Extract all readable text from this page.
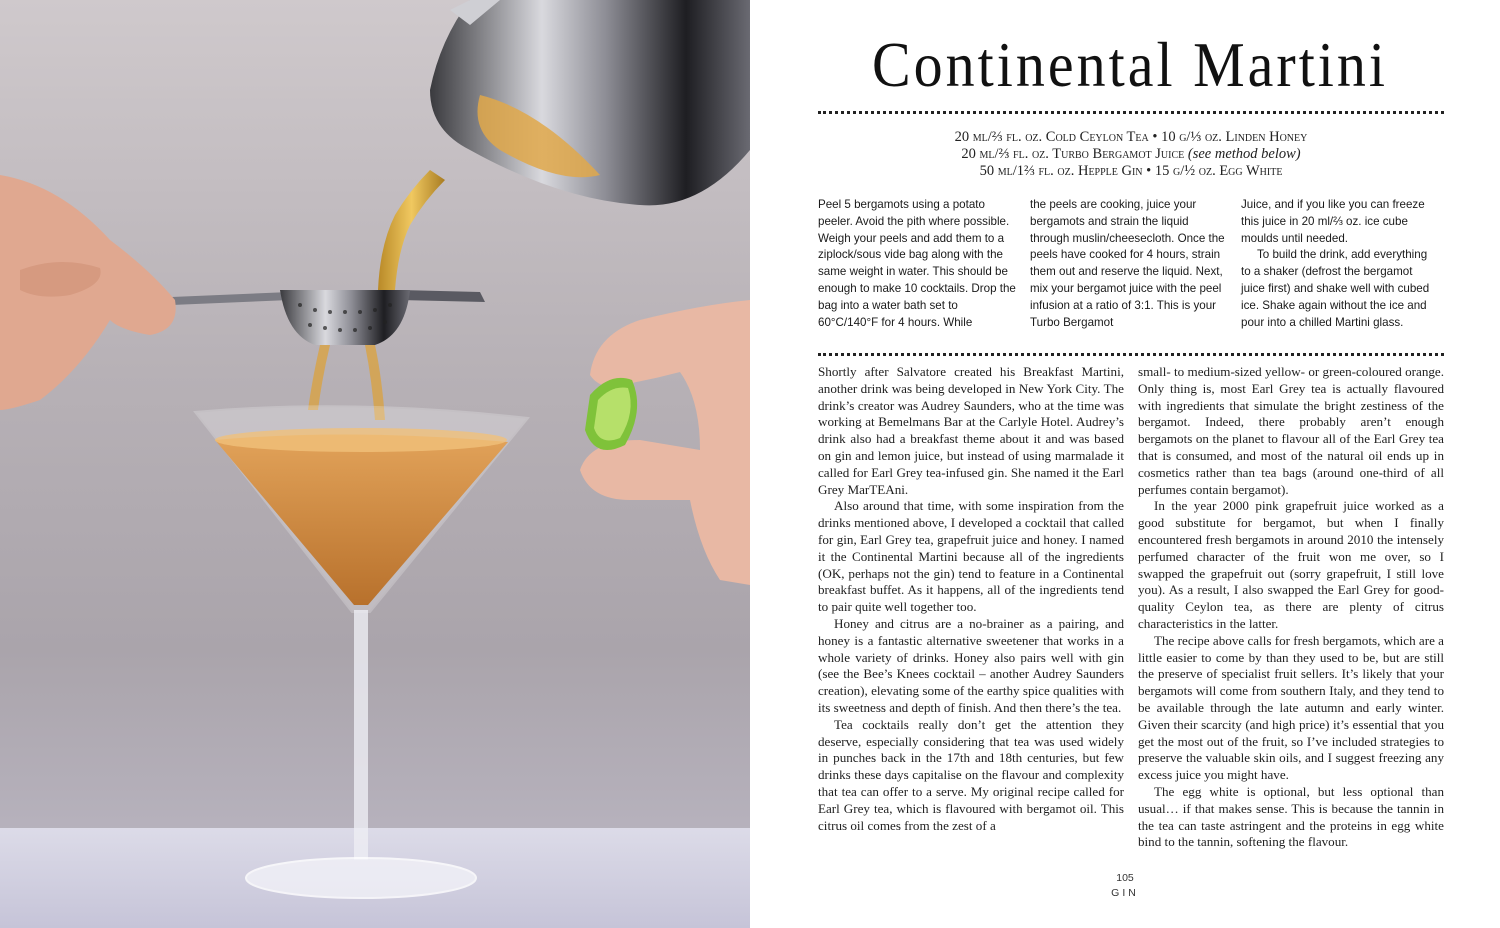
Continental Martini
20 ml/⅔ fl. oz. Cold Ceylon Tea • 10 g/⅓ oz. Linden Honey
20 ml/⅔ fl. oz. Turbo Bergamot Juice (see method below)
50 ml/1⅔ fl. oz. Hepple Gin • 15 g/½ oz. Egg White

Peel 5 bergamots using a potato peeler. Avoid the pith where possible. Weigh your peels and add them to a ziplock/sous vide bag along with the same weight in water. This should be enough to make 10 cocktails. Drop the bag into a water bath set to 60°C/140°F for 4 hours. While

the peels are cooking, juice your bergamots and strain the liquid through muslin/cheesecloth. Once the peels have cooked for 4 hours, strain them out and reserve the liquid. Next, mix your bergamot juice with the peel infusion at a ratio of 3:1. This is your Turbo Bergamot

Juice, and if you like you can freeze this juice in 20 ml/⅔ oz. ice cube moulds until needed.

To build the drink, add everything to a shaker (defrost the bergamot juice first) and shake well with cubed ice. Shake again without the ice and pour into a chilled Martini glass.

Shortly after Salvatore created his Breakfast Martini, another drink was being developed in New York City. The drink’s creator was Audrey Saunders, who at the time was working at Bemelmans Bar at the Carlyle Hotel. Audrey’s drink also had a breakfast theme about it and was based on gin and lemon juice, but instead of using marmalade it called for Earl Grey tea-infused gin. She named it the Earl Grey MarTEAni.

Also around that time, with some inspiration from the drinks mentioned above, I developed a cocktail that called for gin, Earl Grey tea, grapefruit juice and honey. I named it the Continental Martini because all of the ingredients (OK, perhaps not the gin) tend to feature in a Continental breakfast buffet. As it happens, all of the ingredients tend to pair quite well together too.

Honey and citrus are a no-brainer as a pairing, and honey is a fantastic alternative sweetener that works in a whole variety of drinks. Honey also pairs well with gin (see the Bee’s Knees cocktail – another Audrey Saunders creation), elevating some of the earthy spice qualities with its sweetness and depth of finish. And then there’s the tea.

Tea cocktails really don’t get the attention they deserve, especially considering that tea was used widely in punches back in the 17th and 18th centuries, but few drinks these days capitalise on the flavour and complexity that tea can offer to a serve. My original recipe called for Earl Grey tea, which is flavoured with bergamot oil. This citrus oil comes from the zest of a

small- to medium-sized yellow- or green-coloured orange. Only thing is, most Earl Grey tea is actually flavoured with ingredients that simulate the bright zestiness of the bergamot. Indeed, there probably aren’t enough bergamots on the planet to flavour all of the Earl Grey tea that is consumed, and most of the natural oil ends up in cosmetics rather than tea bags (around one-third of all perfumes contain bergamot).

In the year 2000 pink grapefruit juice worked as a good substitute for bergamot, but when I finally encountered fresh bergamots in around 2010 the intensely perfumed character of the fruit won me over, so I swapped the grapefruit out (sorry grapefruit, I still love you). As a result, I also swapped the Earl Grey for good-quality Ceylon tea, as there are plenty of citrus characteristics in the latter.

The recipe above calls for fresh bergamots, which are a little easier to come by than they used to be, but are still the preserve of specialist fruit sellers. It’s likely that your bergamots will come from southern Italy, and they tend to be available through the late autumn and early winter. Given their scarcity (and high price) it’s essential that you get the most out of the fruit, so I’ve included strategies to preserve the valuable skin oils, and I suggest freezing any excess juice you might have.

The egg white is optional, but less optional than usual… if that makes sense. This is because the tannin in the tea can taste astringent and the proteins in egg white bind to the tannin, softening the flavour.

105
GIN
